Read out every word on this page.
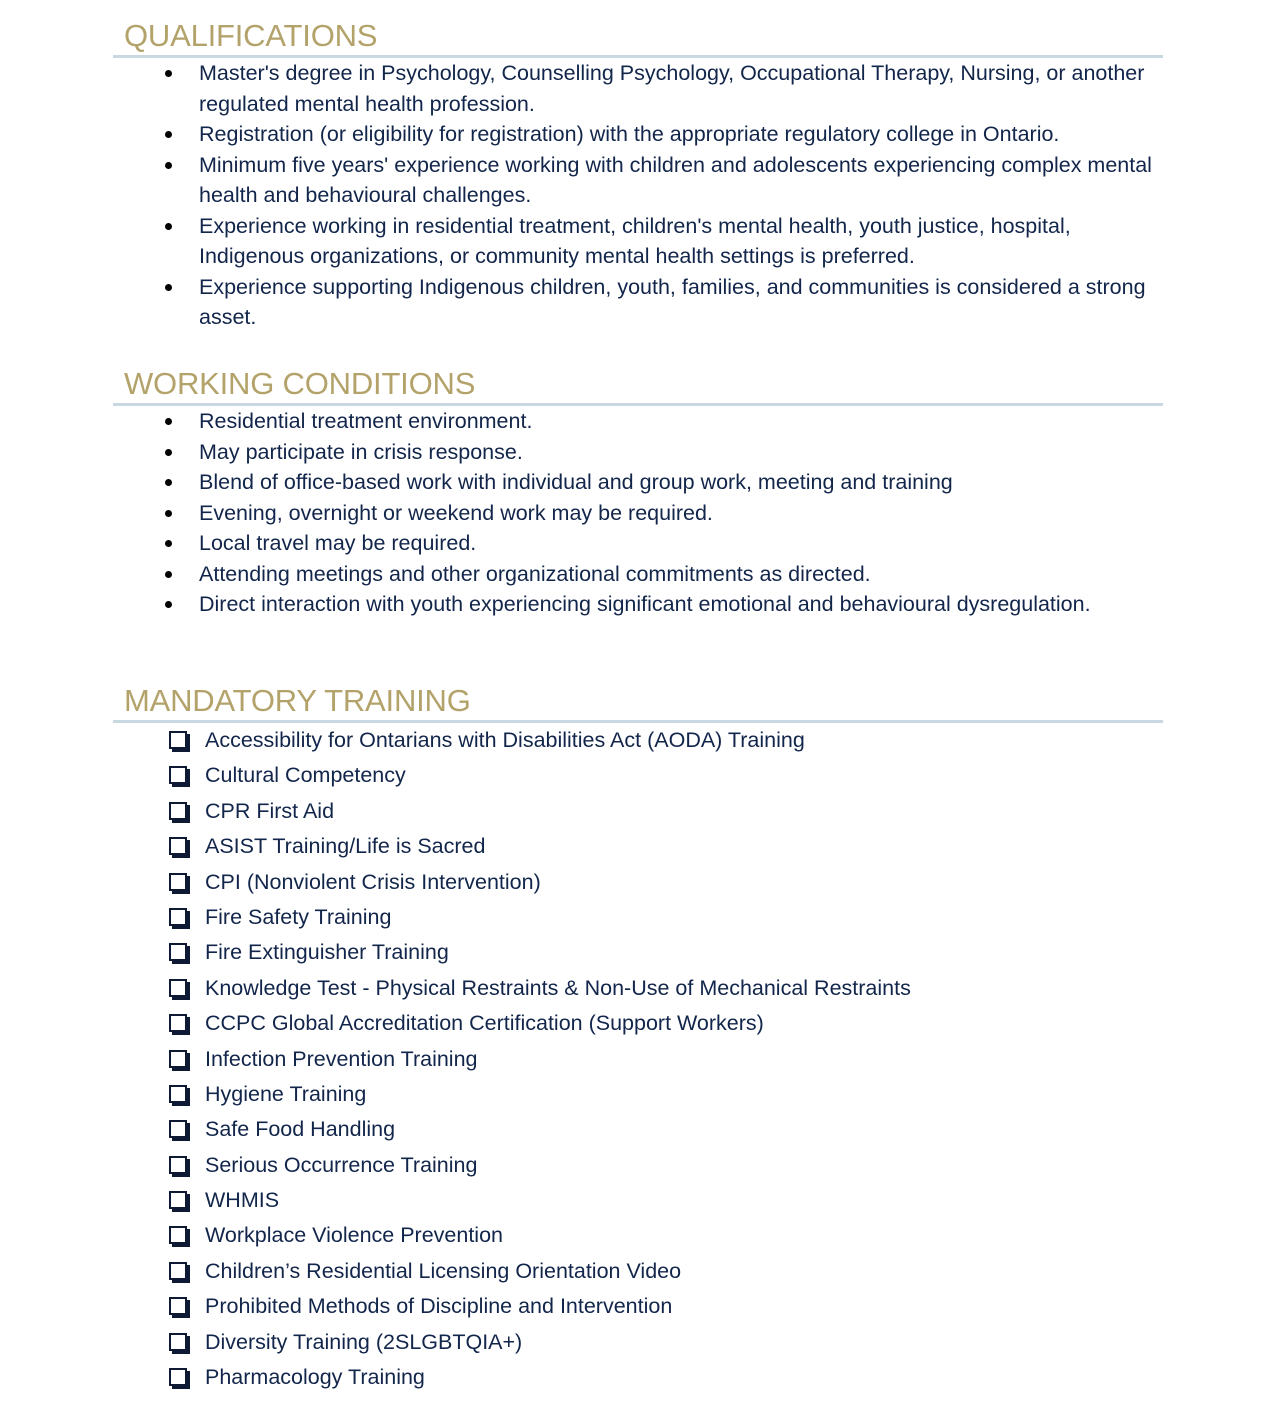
QUALIFICATIONS
Master's degree in Psychology, Counselling Psychology, Occupational Therapy, Nursing, or another regulated mental health profession.
Registration (or eligibility for registration) with the appropriate regulatory college in Ontario.
Minimum five years' experience working with children and adolescents experiencing complex mental health and behavioural challenges.
Experience working in residential treatment, children's mental health, youth justice, hospital, Indigenous organizations, or community mental health settings is preferred.
Experience supporting Indigenous children, youth, families, and communities is considered a strong asset.
WORKING CONDITIONS
Residential treatment environment.
May participate in crisis response.
Blend of office-based work with individual and group work, meeting and training
Evening, overnight or weekend work may be required.
Local travel may be required.
Attending meetings and other organizational commitments as directed.
Direct interaction with youth experiencing significant emotional and behavioural dysregulation.
MANDATORY TRAINING
Accessibility for Ontarians with Disabilities Act (AODA) Training
Cultural Competency
CPR First Aid
ASIST Training/Life is Sacred
CPI (Nonviolent Crisis Intervention)
Fire Safety Training
Fire Extinguisher Training
Knowledge Test - Physical Restraints & Non-Use of Mechanical Restraints
CCPC Global Accreditation Certification (Support Workers)
Infection Prevention Training
Hygiene Training
Safe Food Handling
Serious Occurrence Training
WHMIS
Workplace Violence Prevention
Children’s Residential Licensing Orientation Video
Prohibited Methods of Discipline and Intervention
Diversity Training (2SLGBTQIA+)
Pharmacology Training
